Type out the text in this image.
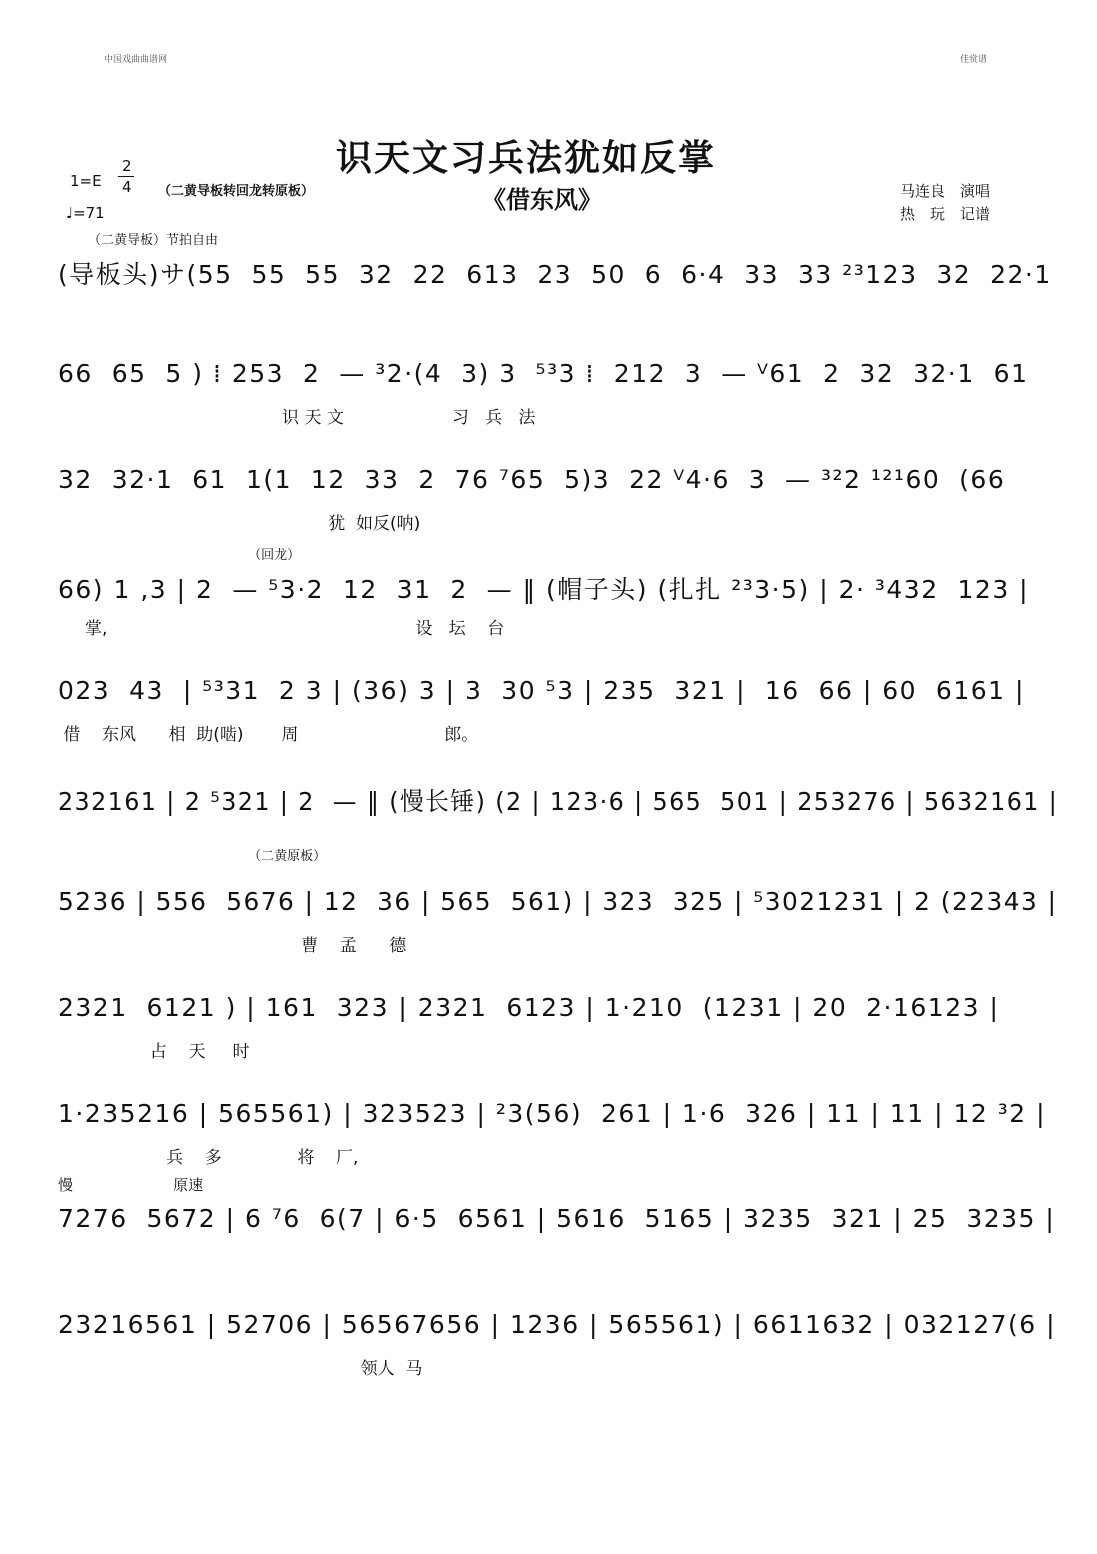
中国戏曲曲谱网	佳赏谱
识天文习兵法犹如反掌
《借东风》
1=E
2
4
♩=71
（二黄导板转回龙转原板）	马连良　演唱
热　玩　记谱
（二黄导板）节拍自由
(导板头)サ(55  55  55  32  22  613  23  50  6  6·4  33  33 ²³123  32  22·1
66  65  5 ) ⁞ 253  2  — ³2·(4  3) 3  ⁵³3 ⁞  212  3  — ⱽ61  2  32  32·1  61
识 天 文                    习   兵   法
32  32·1  61  1(1  12  33  2  76 ⁷65  5)3  22 ⱽ4·6  3  — ³²2 ¹²¹60  (66
犹  如反(呐)
（回龙）
66) 1 ,3 | 2  — ⁵3·2  12  31  2  — ‖ (帽子头) (扎扎 ²³3·5) | 2· ³432  123 |
掌,                                                         设   坛    台
023  43  | ⁵³31  2 3 | (36) 3 | 3  30 ⁵3 | 235  321 |  16  66 | 60  6161 |
借    东风      相  助(啮)       周                           郎。
232161 | 2 ⁵321 | 2  — ‖ (慢长锤) (2 | 123·6 | 565  501 | 253276 | 5632161 |
（二黄原板）
5236 | 556  5676 | 12  36 | 565  561) | 323  325 | ⁵3021231 | 2 (22343 |
曹    孟      德
2321  6121 ) | 161  323 | 2321  6123 | 1·210  (1231 | 20  2·16123 |
占    天     时
1·235216 | 565561) | 323523 | ²3(56)  261 | 1·6  326 | 11 | 11 | 12 ³2 |
兵    多              将    厂,
慢                     原速
7276  5672 | 6 ⁷6  6(7 | 6·5  6561 | 5616  5165 | 3235  321 | 25  3235 |
23216561 | 52706 | 56567656 | 1236 | 565561) | 6611632 | 032127(6 |
领人  马
